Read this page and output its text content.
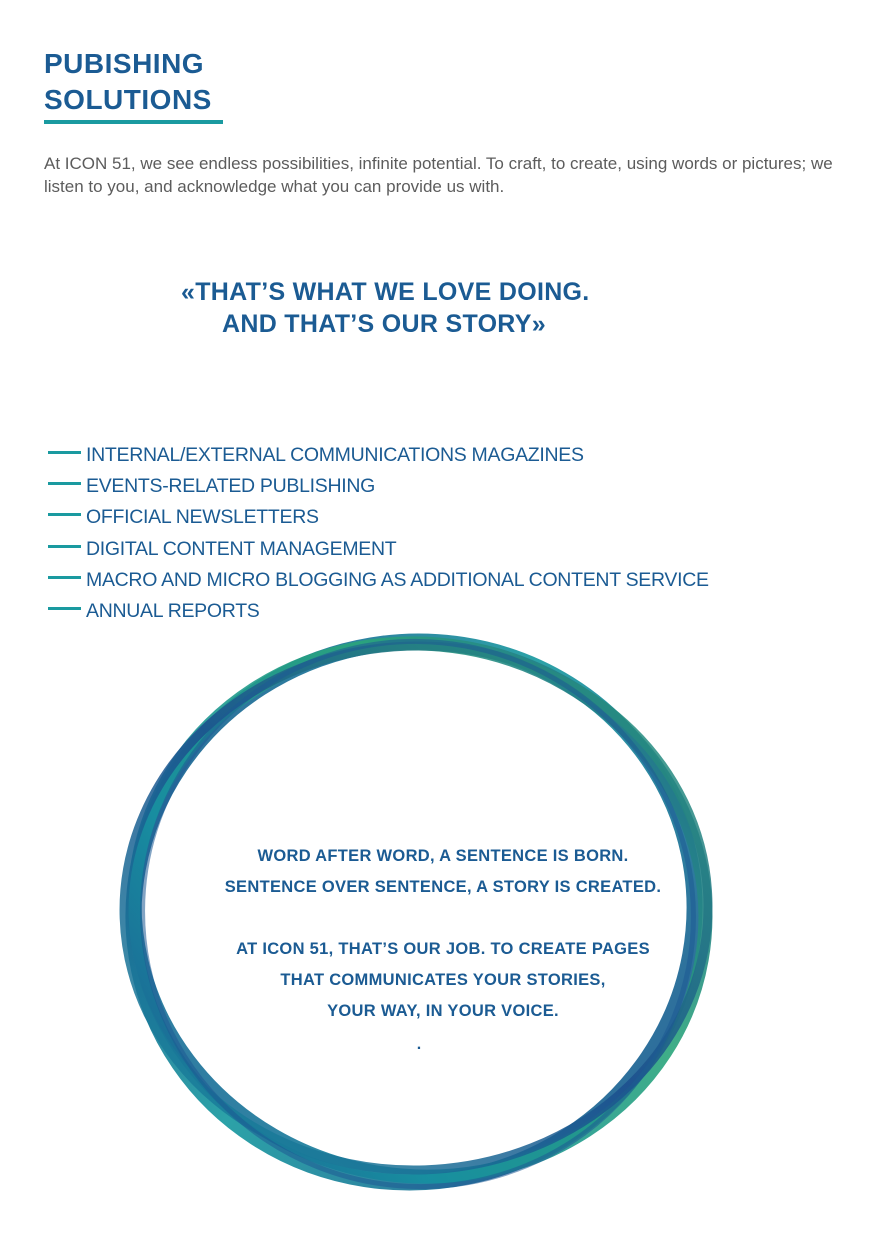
PUBISHING
SOLUTIONS

At ICON 51, we see endless possibilities, infinite potential. To craft, to create, using words or pictures; we listen to you, and acknowledge what you can provide us with.

«THAT’S WHAT WE LOVE DOING.
AND THAT’S OUR STORY»
INTERNAL/EXTERNAL COMMUNICATIONS MAGAZINES
EVENTS-RELATED PUBLISHING
OFFICIAL NEWSLETTERS
DIGITAL CONTENT MANAGEMENT
MACRO AND MICRO BLOGGING AS ADDITIONAL CONTENT SERVICE
ANNUAL REPORTS
WORD AFTER WORD, A SENTENCE IS BORN.
SENTENCE OVER SENTENCE, A STORY IS CREATED.
AT ICON 51, THAT’S OUR JOB. TO CREATE PAGES
THAT COMMUNICATES YOUR STORIES,
YOUR WAY, IN YOUR VOICE.
.
